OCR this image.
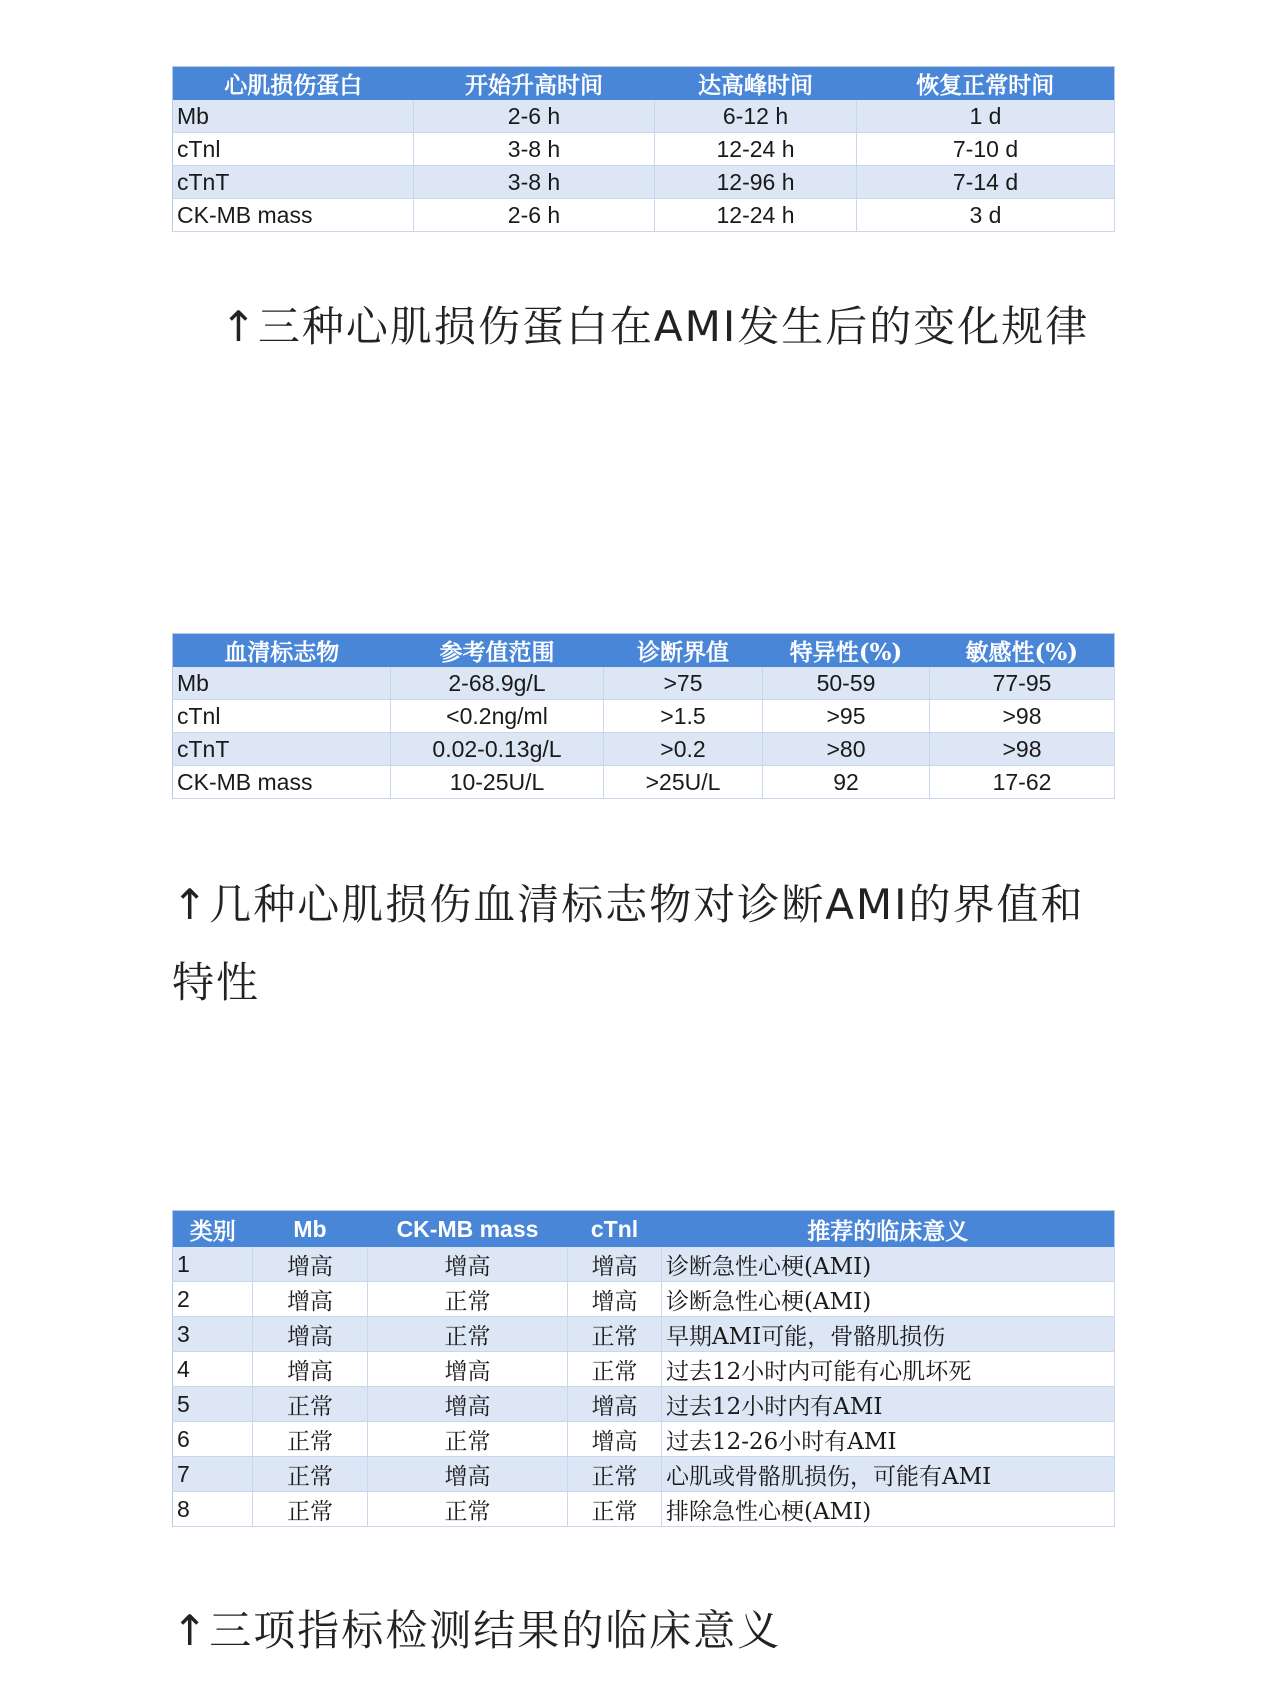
心肌损伤蛋白	开始升高时间	达高峰时间	恢复正常时间
Mb	2-6 h	6-12 h	1 d
cTnl	3-8 h	12-24 h	7-10 d
cTnT	3-8 h	12-96 h	7-14 d
CK-MB mass	2-6 h	12-24 h	3 d
↑三种心肌损伤蛋白在AMI发生后的变化规律
血清标志物	参考值范围	诊断界值	特异性(%)	敏感性(%)
Mb	2-68.9g/L	>75	50-59	77-95
cTnl	<0.2ng/ml	>1.5	>95	>98
cTnT	0.02-0.13g/L	>0.2	>80	>98
CK-MB mass	10-25U/L	>25U/L	92	17-62
↑几种心肌损伤血清标志物对诊断AMI的界值和特性
类别	Mb	CK-MB mass	cTnl	推荐的临床意义
1	增高	增高	增高	诊断急性心梗(AMI)
2	增高	正常	增高	诊断急性心梗(AMI)
3	增高	正常	正常	早期AMI可能，骨骼肌损伤
4	增高	增高	正常	过去12小时内可能有心肌坏死
5	正常	增高	增高	过去12小时内有AMI
6	正常	正常	增高	过去12-26小时有AMI
7	正常	增高	正常	心肌或骨骼肌损伤，可能有AMI
8	正常	正常	正常	排除急性心梗(AMI)
↑三项指标检测结果的临床意义
